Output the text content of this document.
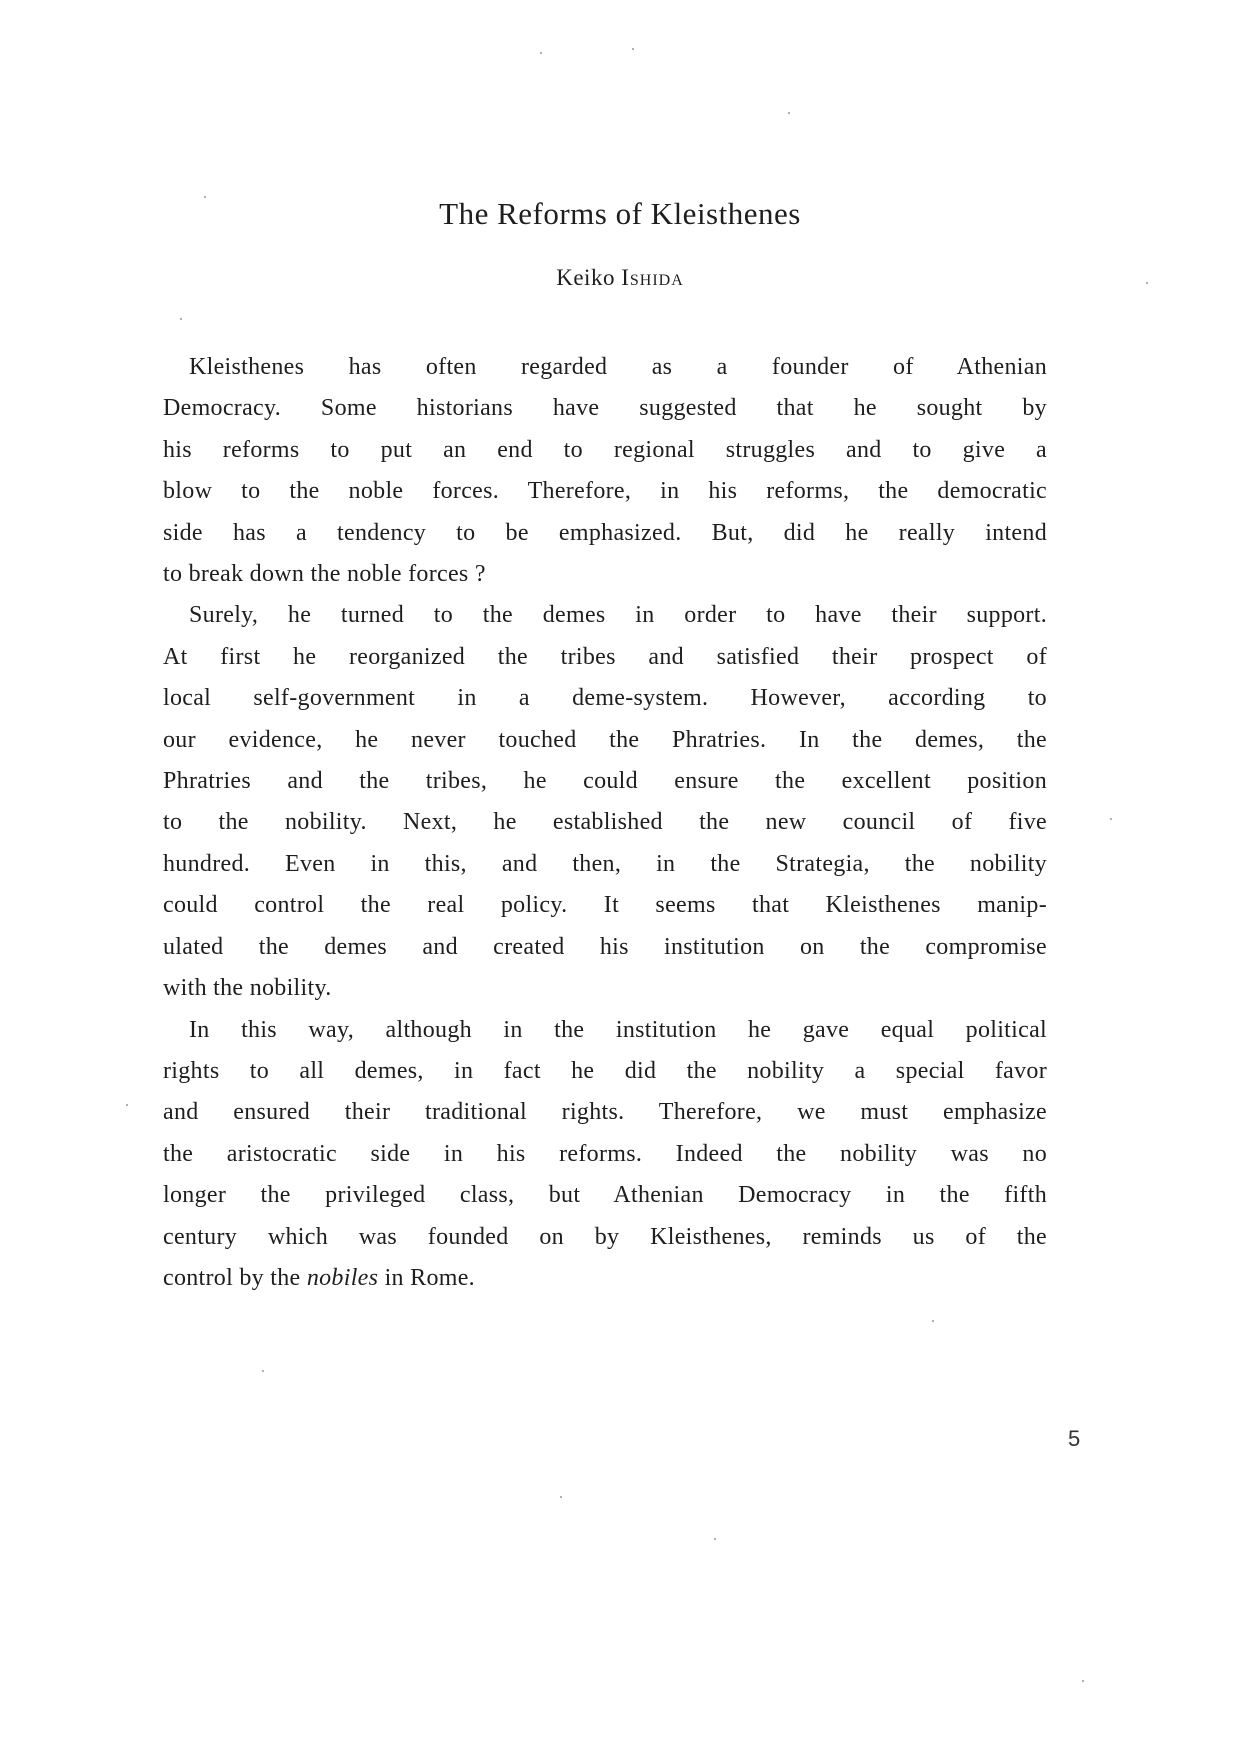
The Reforms of Kleisthenes
Keiko Ishida
Kleisthenes has often regarded as a founder of Athenian
Democracy. Some historians have suggested that he sought by
his reforms to put an end to regional struggles and to give a
blow to the noble forces. Therefore, in his reforms, the democratic
side has a tendency to be emphasized. But, did he really intend
to break down the noble forces ?
Surely, he turned to the demes in order to have their support.
At first he reorganized the tribes and satisfied their prospect of
local self-government in a deme-system. However, according to
our evidence, he never touched the Phratries. In the demes, the
Phratries and the tribes, he could ensure the excellent position
to the nobility. Next, he established the new council of five
hundred. Even in this, and then, in the Strategia, the nobility
could control the real policy. It seems that Kleisthenes manip-
ulated the demes and created his institution on the compromise
with the nobility.
In this way, although in the institution he gave equal political
rights to all demes, in fact he did the nobility a special favor
and ensured their traditional rights. Therefore, we must emphasize
the aristocratic side in his reforms. Indeed the nobility was no
longer the privileged class, but Athenian Democracy in the fifth
century which was founded on by Kleisthenes, reminds us of the
control by the nobiles in Rome.
5
